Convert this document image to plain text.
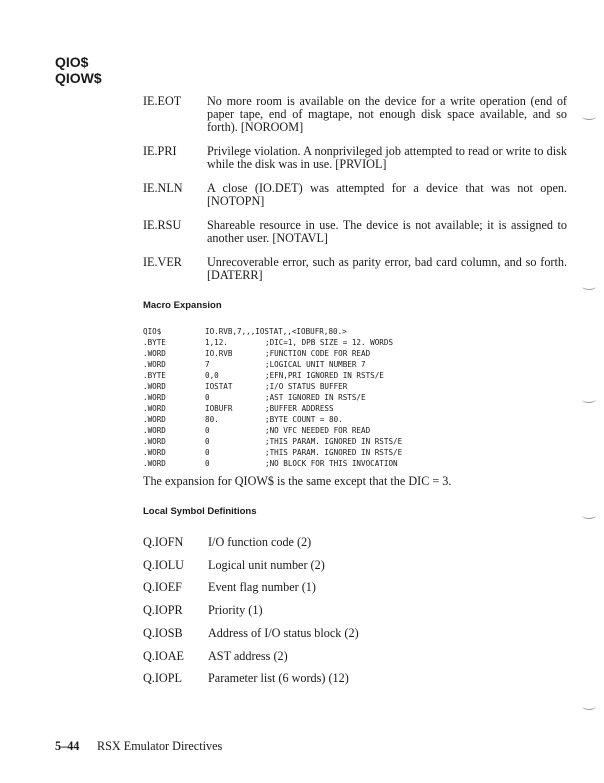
QIO$
QIOW$
IE.EOT No more room is available on the device for a write operation (end of paper tape, end of magtape, not enough disk space available, and so forth). [NOROOM]
IE.PRI Privilege violation. A nonprivileged job attempted to read or write to disk while the disk was in use. [PRVIOL]
IE.NLN A close (IO.DET) was attempted for a device that was not open. [NOTOPN]
IE.RSU Shareable resource in use. The device is not available; it is assigned to another user. [NOTAVL]
IE.VER Unrecoverable error, such as parity error, bad card column, and so forth. [DATERR]
Macro Expansion
QIO$	IO.RVB,7,,,IOSTAT,,<IOBUFR,80.>
.BYTE	1,12.	;DIC=1, DPB SIZE = 12. WORDS
.WORD	IO.RVB	;FUNCTION CODE FOR READ
.WORD	7	;LOGICAL UNIT NUMBER 7
.BYTE	0,0	;EFN,PRI IGNORED IN RSTS/E
.WORD	IOSTAT	;I/O STATUS BUFFER
.WORD	0	;AST IGNORED IN RSTS/E
.WORD	IOBUFR	;BUFFER ADDRESS
.WORD	80.	;BYTE COUNT = 80.
.WORD	0	;NO VFC NEEDED FOR READ
.WORD	0	;THIS PARAM. IGNORED IN RSTS/E
.WORD	0	;THIS PARAM. IGNORED IN RSTS/E
.WORD	0	;NO BLOCK FOR THIS INVOCATION
The expansion for QIOW$ is the same except that the DIC = 3.
Local Symbol Definitions
Q.IOFN I/O function code (2)
Q.IOLU Logical unit number (2)
Q.IOEF Event flag number (1)
Q.IOPR Priority (1)
Q.IOSB Address of I/O status block (2)
Q.IOAE AST address (2)
Q.IOPL Parameter list (6 words) (12)
5–44 RSX Emulator Directives
